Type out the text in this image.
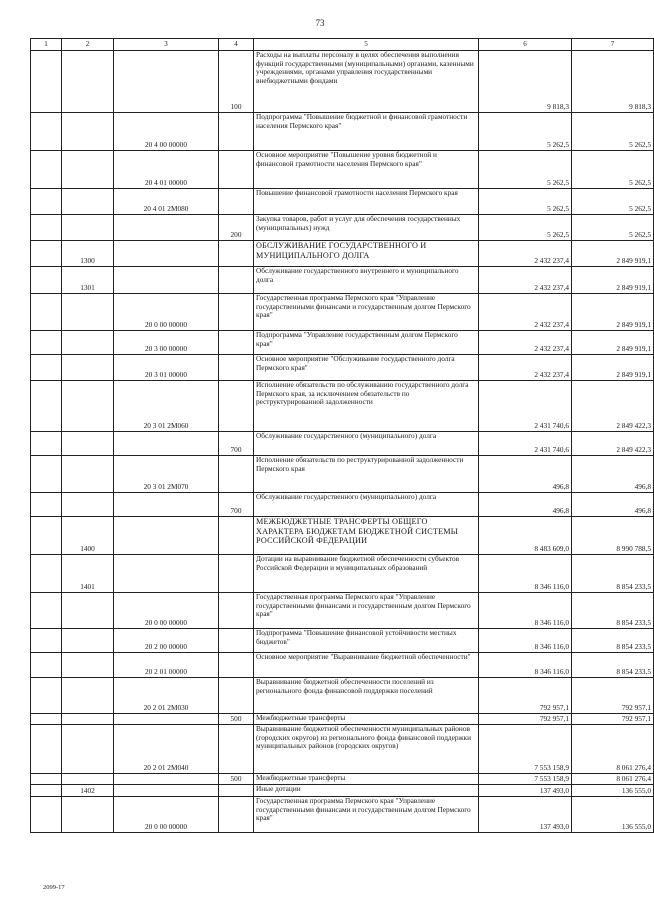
73
1	2	3	4	5	6	7
			100	Расходы на выплаты персоналу в целях обеспечения выполнения функций государственными (муниципальными) органами, казенными учреждениями, органами управления государственными внебюджетными фондами	9 818,3	9 818,3
		20 4 00 00000		Подпрограмма "Повышение бюджетной и финансовой грамотности населения Пермского края"	5 262,5	5 262,5
		20 4 01 00000		Основное мероприятие "Повышение уровня бюджетной и финансовой грамотности населения Пермского края"	5 262,5	5 262,5
		20 4 01 2М080		Повышение финансовой грамотности населения Пермского края	5 262,5	5 262,5
			200	Закупка товаров, работ и услуг для обеспечения государственных (муниципальных) нужд	5 262,5	5 262,5
	1300			ОБСЛУЖИВАНИЕ ГОСУДАРСТВЕННОГО И МУНИЦИПАЛЬНОГО ДОЛГА	2 432 237,4	2 849 919,1
	1301			Обслуживание государственного внутреннего и муниципального долга	2 432 237,4	2 849 919,1
		20 0 00 00000		Государственная программа Пермского края "Управление государственными финансами и государственным долгом Пермского края"	2 432 237,4	2 849 919,1
		20 3 00 00000		Подпрограмма "Управление государственным долгом Пермского края"	2 432 237,4	2 849 919,1
		20 3 01 00000		Основное мероприятие "Обслуживание государственного долга Пермского края"	2 432 237,4	2 849 919,1
		20 3 01 2М060		Исполнение обязательств по обслуживанию государственного долга Пермского края, за исключением обязательств по реструктурированной задолженности	2 431 740,6	2 849 422,3
			700	Обслуживание государственного (муниципального) долга	2 431 740,6	2 849 422,3
		20 3 01 2М070		Исполнение обязательств по реструктурированной задолженности Пермского края	496,8	496,8
			700	Обслуживание государственного (муниципального) долга	496,8	496,8
	1400			МЕЖБЮДЖЕТНЫЕ ТРАНСФЕРТЫ ОБЩЕГО ХАРАКТЕРА БЮДЖЕТАМ БЮДЖЕТНОЙ СИСТЕМЫ РОССИЙСКОЙ ФЕДЕРАЦИИ	8 483 609,0	8 990 788,5
	1401			Дотации на выравнивание бюджетной обеспеченности субъектов Российской Федерации и муниципальных образований	8 346 116,0	8 854 233,5
		20 0 00 00000		Государственная программа Пермского края "Управление государственными финансами и государственным долгом Пермского края"	8 346 116,0	8 854 233,5
		20 2 00 00000		Подпрограмма "Повышение финансовой устойчивости местных бюджетов"	8 346 116,0	8 854 233,5
		20 2 01 00000		Основное мероприятие "Выравнивание бюджетной обеспеченности"	8 346 116,0	8 854 233,5
		20 2 01 2М030		Выравнивание бюджетной обеспеченности поселений из регионального фонда финансовой поддержки поселений	792 957,1	792 957,1
			500	Межбюджетные трансферты	792 957,1	792 957,1
		20 2 01 2М040		Выравнивание бюджетной обеспеченности муниципальных районов (городских округов) из регионального фонда финансовой поддержки муниципальных районов (городских округов)	7 553 158,9	8 061 276,4
			500	Межбюджетные трансферты	7 553 158,9	8 061 276,4
	1402			Иные дотации	137 493,0	136 555,0
		20 0 00 00000		Государственная программа Пермского края "Управление государственными финансами и государственным долгом Пермского края"	137 493,0	136 555,0
2099-17
